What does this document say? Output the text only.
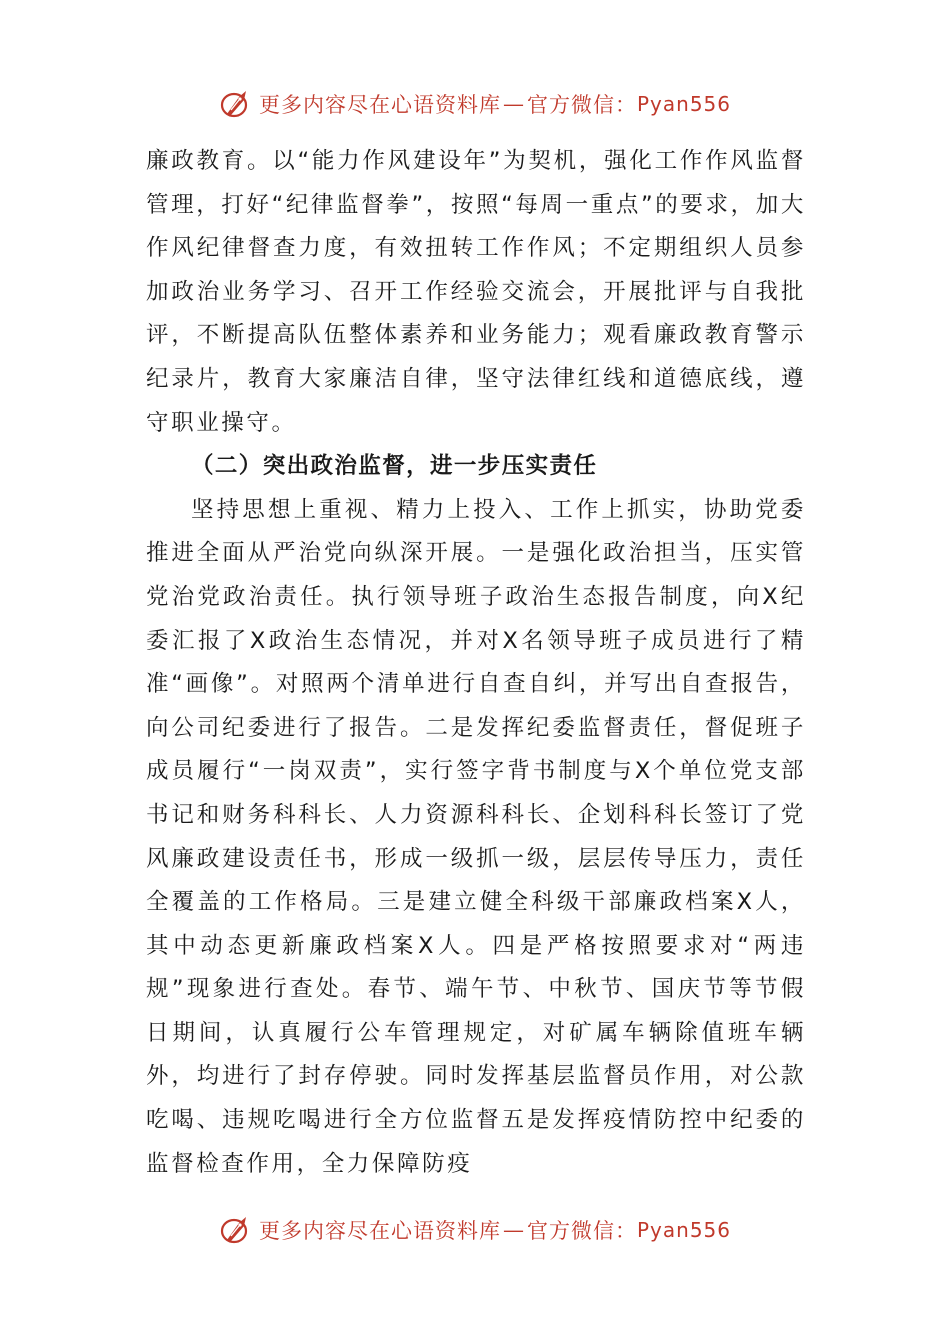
更多内容尽在心语资料库 — 官方微信： Pyan556

廉政教育。以“能力作风建设年”为契机，强化工作作风监督管理，打好“纪律监督拳”，按照“每周一重点”的要求，加大作风纪律督查力度，有效扭转工作作风；不定期组织人员参加政治业务学习、召开工作经验交流会，开展批评与自我批评，不断提高队伍整体素养和业务能力；观看廉政教育警示纪录片，教育大家廉洁自律，坚守法律红线和道德底线，遵守职业操守。

（二）突出政治监督，进一步压实责任

坚持思想上重视、精力上投入、工作上抓实，协助党委推进全面从严治党向纵深开展。一是强化政治担当，压实管党治党政治责任。执行领导班子政治生态报告制度，向X纪委汇报了X政治生态情况，并对X名领导班子成员进行了精准“画像”。对照两个清单进行自查自纠，并写出自查报告，向公司纪委进行了报告。二是发挥纪委监督责任，督促班子成员履行“一岗双责”，实行签字背书制度与X个单位党支部书记和财务科科长、人力资源科科长、企划科科长签订了党风廉政建设责任书，形成一级抓一级，层层传导压力，责任全覆盖的工作格局。三是建立健全科级干部廉政档案X人，其中动态更新廉政档案X人。四是严格按照要求对“两违规”现象进行查处。春节、端午节、中秋节、国庆节等节假日期间，认真履行公车管理规定，对矿属车辆除值班车辆外，均进行了封存停驶。同时发挥基层监督员作用，对公款吃喝、违规吃喝进行全方位监督五是发挥疫情防控中纪委的监督检查作用，全力保障防疫

更多内容尽在心语资料库 — 官方微信： Pyan556
